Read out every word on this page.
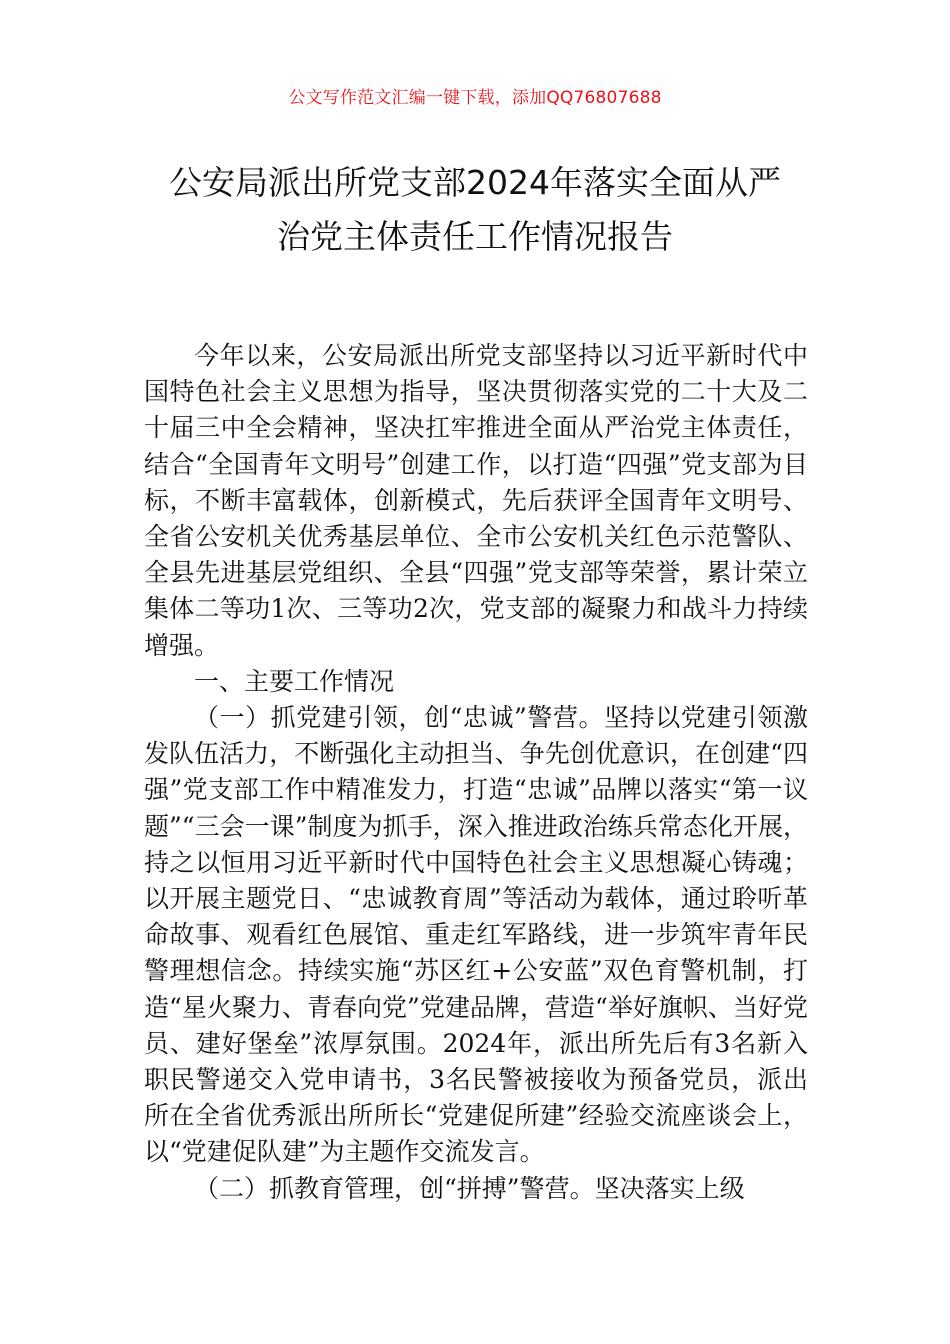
公文写作范文汇编一键下载，添加QQ76807688
公安局派出所党支部2024年落实全面从严
治党主体责任工作情况报告

今年以来，公安局派出所党支部坚持以习近平新时代中国特色社会主义思想为指导，坚决贯彻落实党的二十大及二十届三中全会精神，坚决扛牢推进全面从严治党主体责任，结合“全国青年文明号”创建工作，以打造“四强”党支部为目标，不断丰富载体，创新模式，先后获评全国青年文明号、全省公安机关优秀基层单位、全市公安机关红色示范警队、全县先进基层党组织、全县“四强”党支部等荣誉，累计荣立集体二等功1次、三等功2次，党支部的凝聚力和战斗力持续增强。

一、主要工作情况

（一）抓党建引领，创“忠诚”警营。坚持以党建引领激发队伍活力，不断强化主动担当、争先创优意识，在创建“四强”党支部工作中精准发力，打造“忠诚”品牌以落实“第一议题”“三会一课”制度为抓手，深入推进政治练兵常态化开展，持之以恒用习近平新时代中国特色社会主义思想凝心铸魂；以开展主题党日、“忠诚教育周”等活动为载体，通过聆听革命故事、观看红色展馆、重走红军路线，进一步筑牢青年民警理想信念。持续实施“苏区红+公安蓝”双色育警机制，打造“星火聚力、青春向党”党建品牌，营造“举好旗帜、当好党员、建好堡垒”浓厚氛围。2024年，派出所先后有3名新入职民警递交入党申请书，3名民警被接收为预备党员，派出所在全省优秀派出所所长“党建促所建”经验交流座谈会上，以“党建促队建”为主题作交流发言。

（二）抓教育管理，创“拼搏”警营。坚决落实上级
